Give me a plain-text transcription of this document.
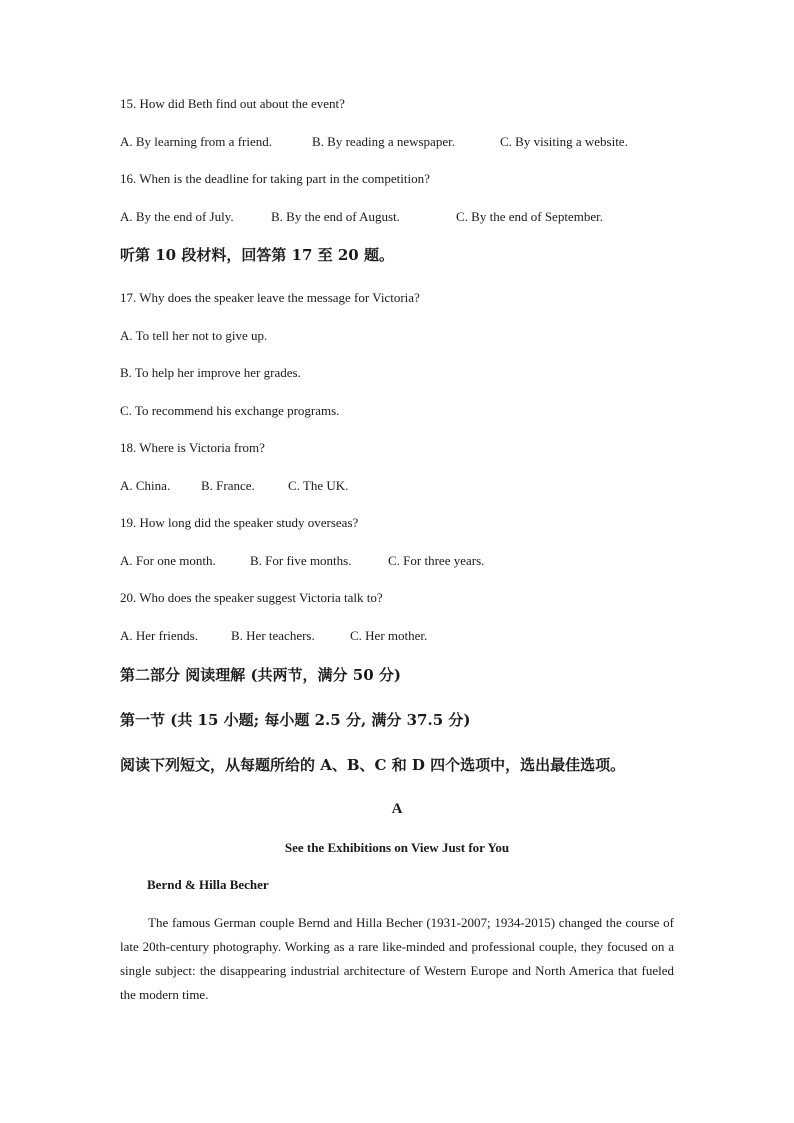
15. How did Beth find out about the event?
A. By learning from a friend.	B. By reading a newspaper.	C. By visiting a website.
16. When is the deadline for taking part in the competition?
A. By the end of July.	B. By the end of August.	C. By the end of September.
听第 10 段材料，回答第 17 至 20 题。
17. Why does the speaker leave the message for Victoria?
A. To tell her not to give up.
B. To help her improve her grades.
C. To recommend his exchange programs.
18. Where is Victoria from?
A. China. B. France.	C. The UK.
19. How long did the speaker study overseas?
A. For one month.	B. For five months.	C. For three years.
20. Who does the speaker suggest Victoria talk to?
A. Her friends.	B. Her teachers.	C. Her mother.
第二部分 阅读理解 (共两节，满分 50 分)
第一节 (共 15 小题; 每小题 2.5 分, 满分 37.5 分)
阅读下列短文，从每题所给的 A、B、C 和 D 四个选项中，选出最佳选项。
A
See the Exhibitions on View Just for You
Bernd & Hilla Becher
The famous German couple Bernd and Hilla Becher (1931-2007; 1934-2015) changed the course of late 20th-century photography. Working as a rare like-minded and professional couple, they focused on a single subject: the disappearing industrial architecture of Western Europe and North America that fueled the modern time.
